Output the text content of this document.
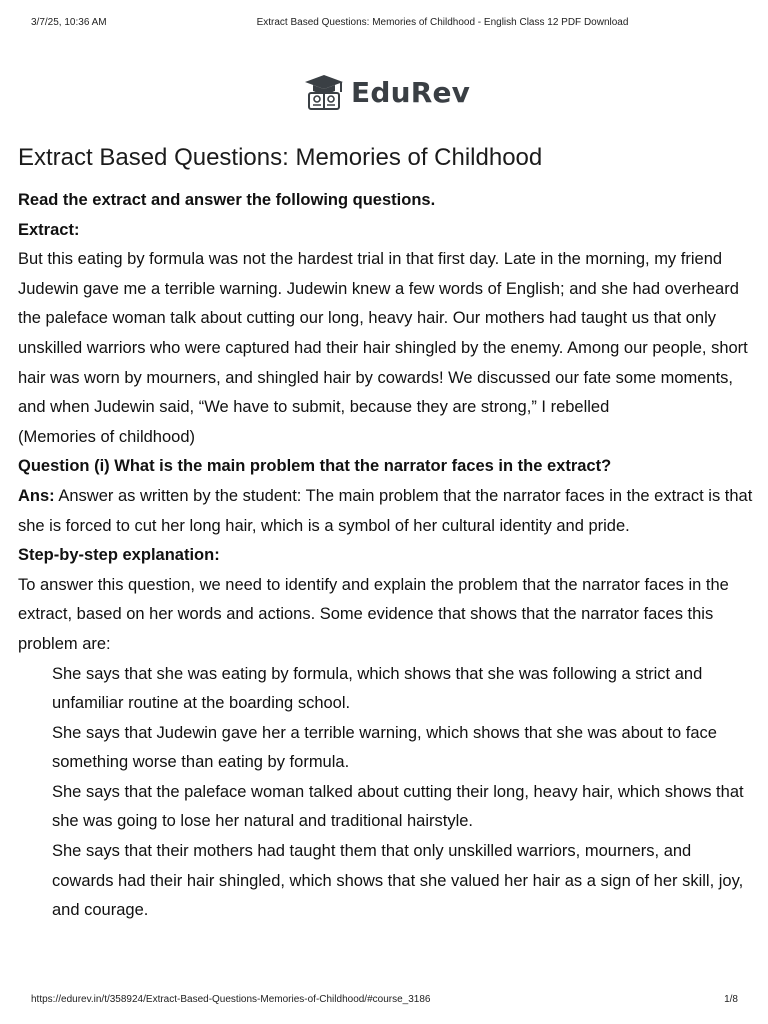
3/7/25, 10:36 AM	Extract Based Questions: Memories of Childhood - English Class 12 PDF Download
EduRev
Extract Based Questions: Memories of Childhood

Read the extract and answer the following questions.

Extract:

But this eating by formula was not the hardest trial in that first day. Late in the morning, my friend Judewin gave me a terrible warning. Judewin knew a few words of English; and she had overheard the paleface woman talk about cutting our long, heavy hair. Our mothers had taught us that only unskilled warriors who were captured had their hair shingled by the enemy. Among our people, short hair was worn by mourners, and shingled hair by cowards! We discussed our fate some moments, and when Judewin said, “We have to submit, because they are strong,” I rebelled

(Memories of childhood)

Question (i) What is the main problem that the narrator faces in the extract?

Ans: Answer as written by the student: The main problem that the narrator faces in the extract is that she is forced to cut her long hair, which is a symbol of her cultural identity and pride.

Step-by-step explanation:

To answer this question, we need to identify and explain the problem that the narrator faces in the extract, based on her words and actions. Some evidence that shows that the narrator faces this problem are:

She says that she was eating by formula, which shows that she was following a strict and unfamiliar routine at the boarding school.

She says that Judewin gave her a terrible warning, which shows that she was about to face something worse than eating by formula.

She says that the paleface woman talked about cutting their long, heavy hair, which shows that she was going to lose her natural and traditional hairstyle.

She says that their mothers had taught them that only unskilled warriors, mourners, and cowards had their hair shingled, which shows that she valued her hair as a sign of her skill, joy, and courage.

https://edurev.in/t/358924/Extract-Based-Questions-Memories-of-Childhood/#course_3186	1/8
